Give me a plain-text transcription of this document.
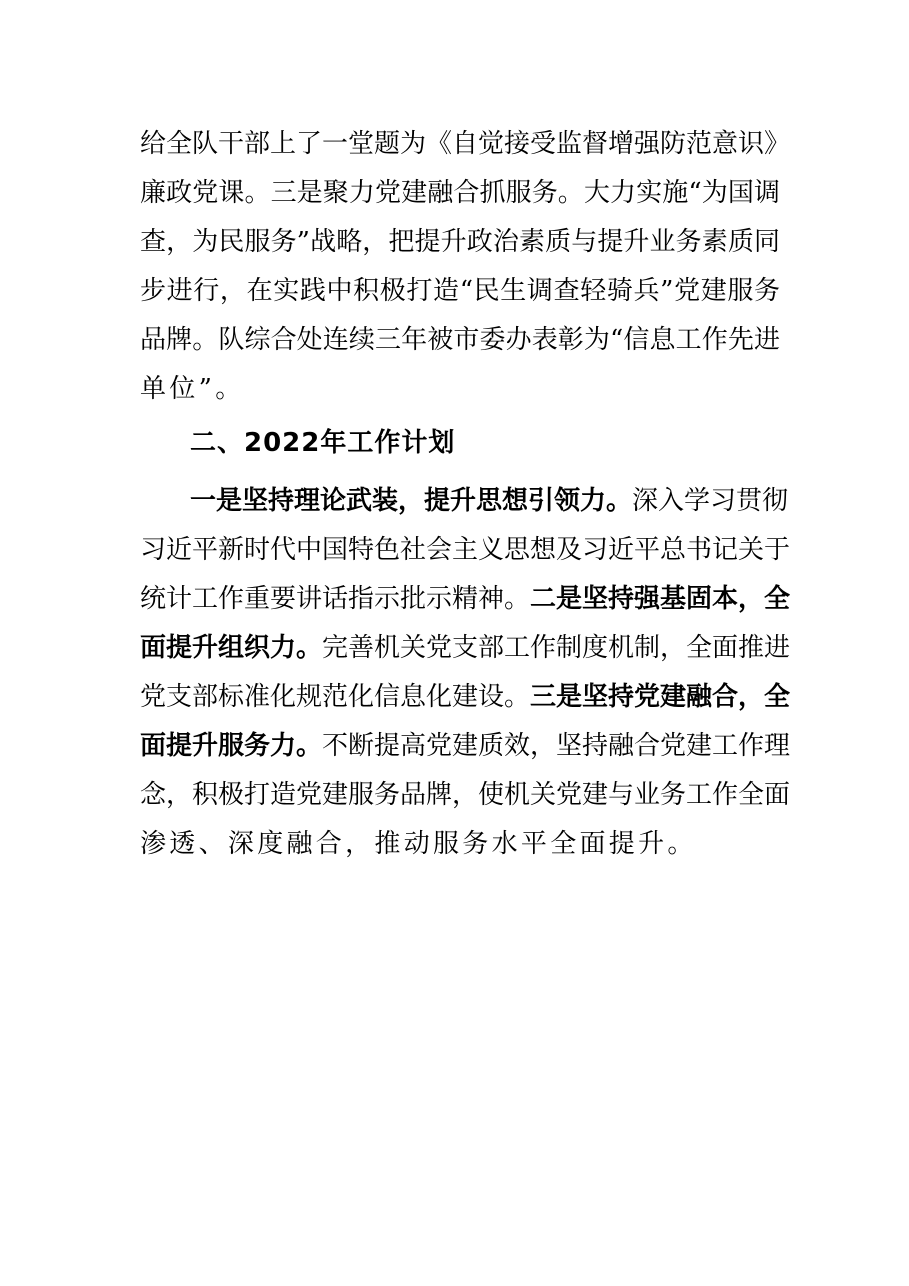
给全队干部上了一堂题为《自觉接受监督增强防范意识》
廉政党课。三是聚力党建融合抓服务。大力实施“为国调
查，为民服务”战略，把提升政治素质与提升业务素质同
步进行，在实践中积极打造“民生调查轻骑兵”党建服务
品牌。队综合处连续三年被市委办表彰为“信息工作先进
单位”。
二、2022年工作计划
一是坚持理论武装，提升思想引领力。深入学习贯彻
习近平新时代中国特色社会主义思想及习近平总书记关于
统计工作重要讲话指示批示精神。二是坚持强基固本，全
面提升组织力。完善机关党支部工作制度机制，全面推进
党支部标准化规范化信息化建设。三是坚持党建融合，全
面提升服务力。不断提高党建质效，坚持融合党建工作理
念，积极打造党建服务品牌，使机关党建与业务工作全面
渗透、深度融合，推动服务水平全面提升。
